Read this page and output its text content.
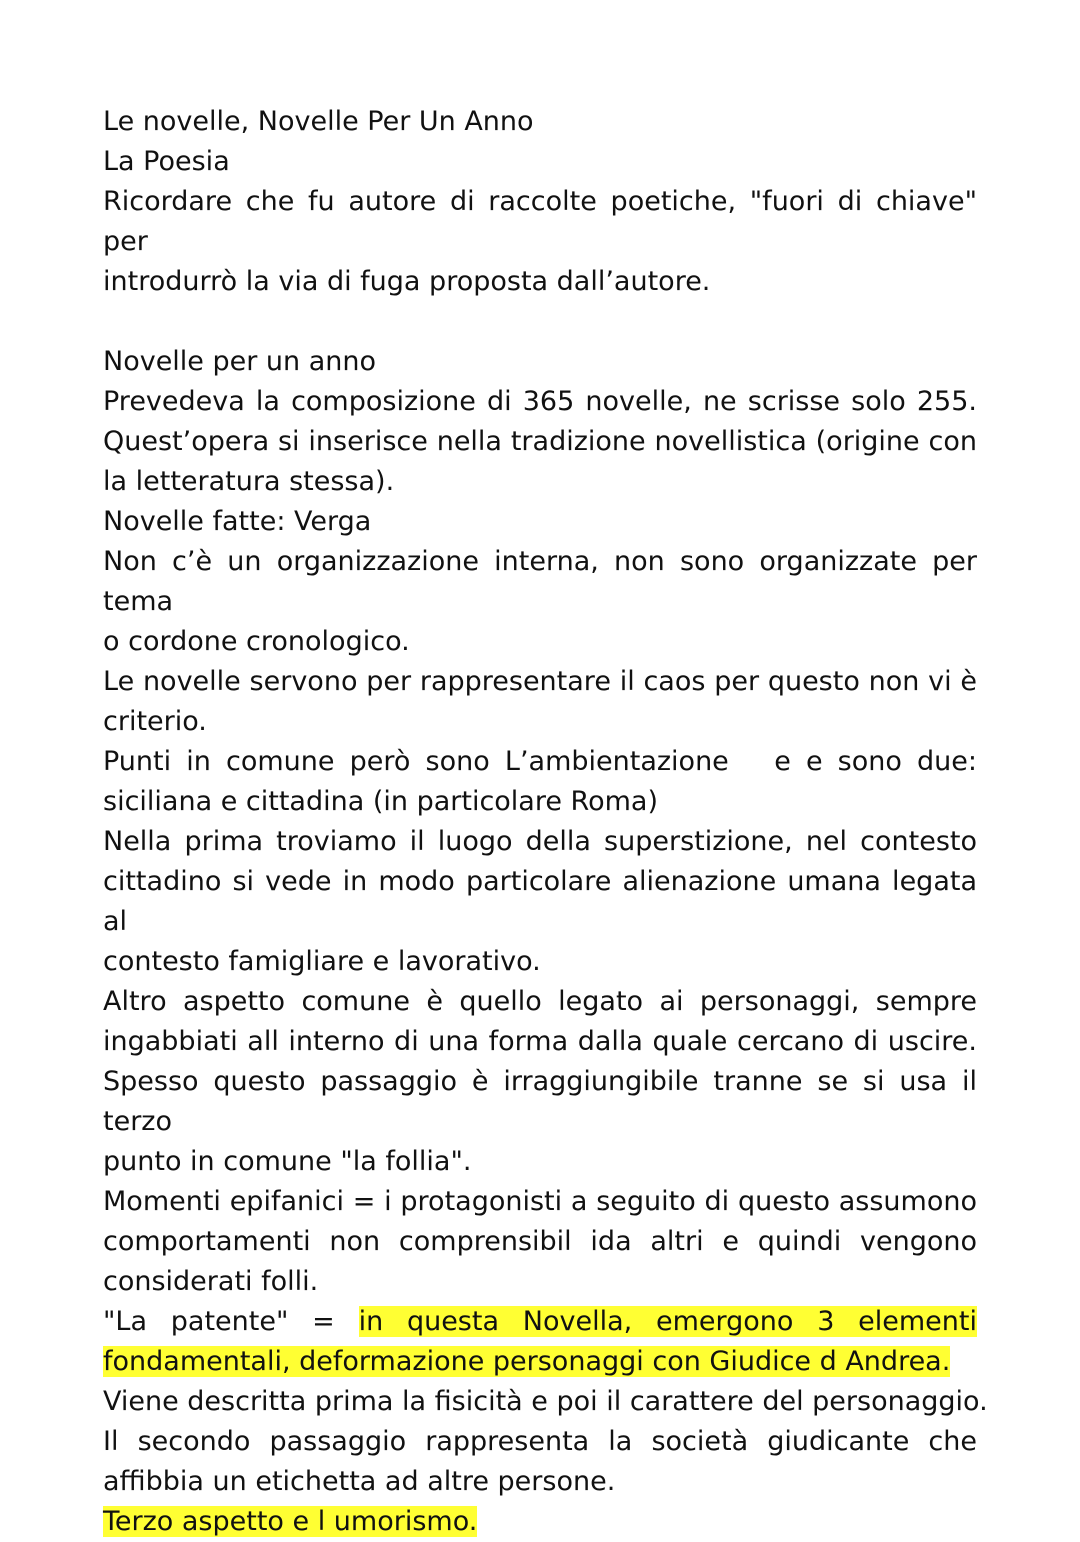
Le novelle, Novelle Per Un Anno
La Poesia
Ricordare che fu autore di raccolte poetiche, "fuori di chiave" per
introdurrò la via di fuga proposta dall’autore.
Novelle per un anno
Prevedeva la composizione di 365 novelle, ne scrisse solo 255.
Quest’opera si inserisce nella tradizione novellistica (origine con
la letteratura stessa).
Novelle fatte: Verga
Non c’è un organizzazione interna, non sono organizzate per tema
o cordone cronologico.
Le novelle servono per rappresentare il caos per questo non vi è
criterio.
Punti in comune però sono L’ambientazione   e e sono due:
siciliana e cittadina (in particolare Roma)
Nella prima troviamo il luogo della superstizione, nel contesto
cittadino si vede in modo particolare alienazione umana legata al
contesto famigliare e lavorativo.
Altro aspetto comune è quello legato ai personaggi, sempre
ingabbiati all interno di una forma dalla quale cercano di uscire.
Spesso questo passaggio è irraggiungibile tranne se si usa il terzo
punto in comune "la follia".
Momenti epifanici = i protagonisti a seguito di questo assumono
comportamenti non comprensibil ida altri e quindi vengono
considerati folli.
"La patente" = in questa Novella, emergono 3 elementi
fondamentali, deformazione personaggi con Giudice d Andrea.
Viene descritta prima la fisicità e poi il carattere del personaggio.
Il secondo passaggio rappresenta la società giudicante che
affibbia un etichetta ad altre persone.
Terzo aspetto e l umorismo.
